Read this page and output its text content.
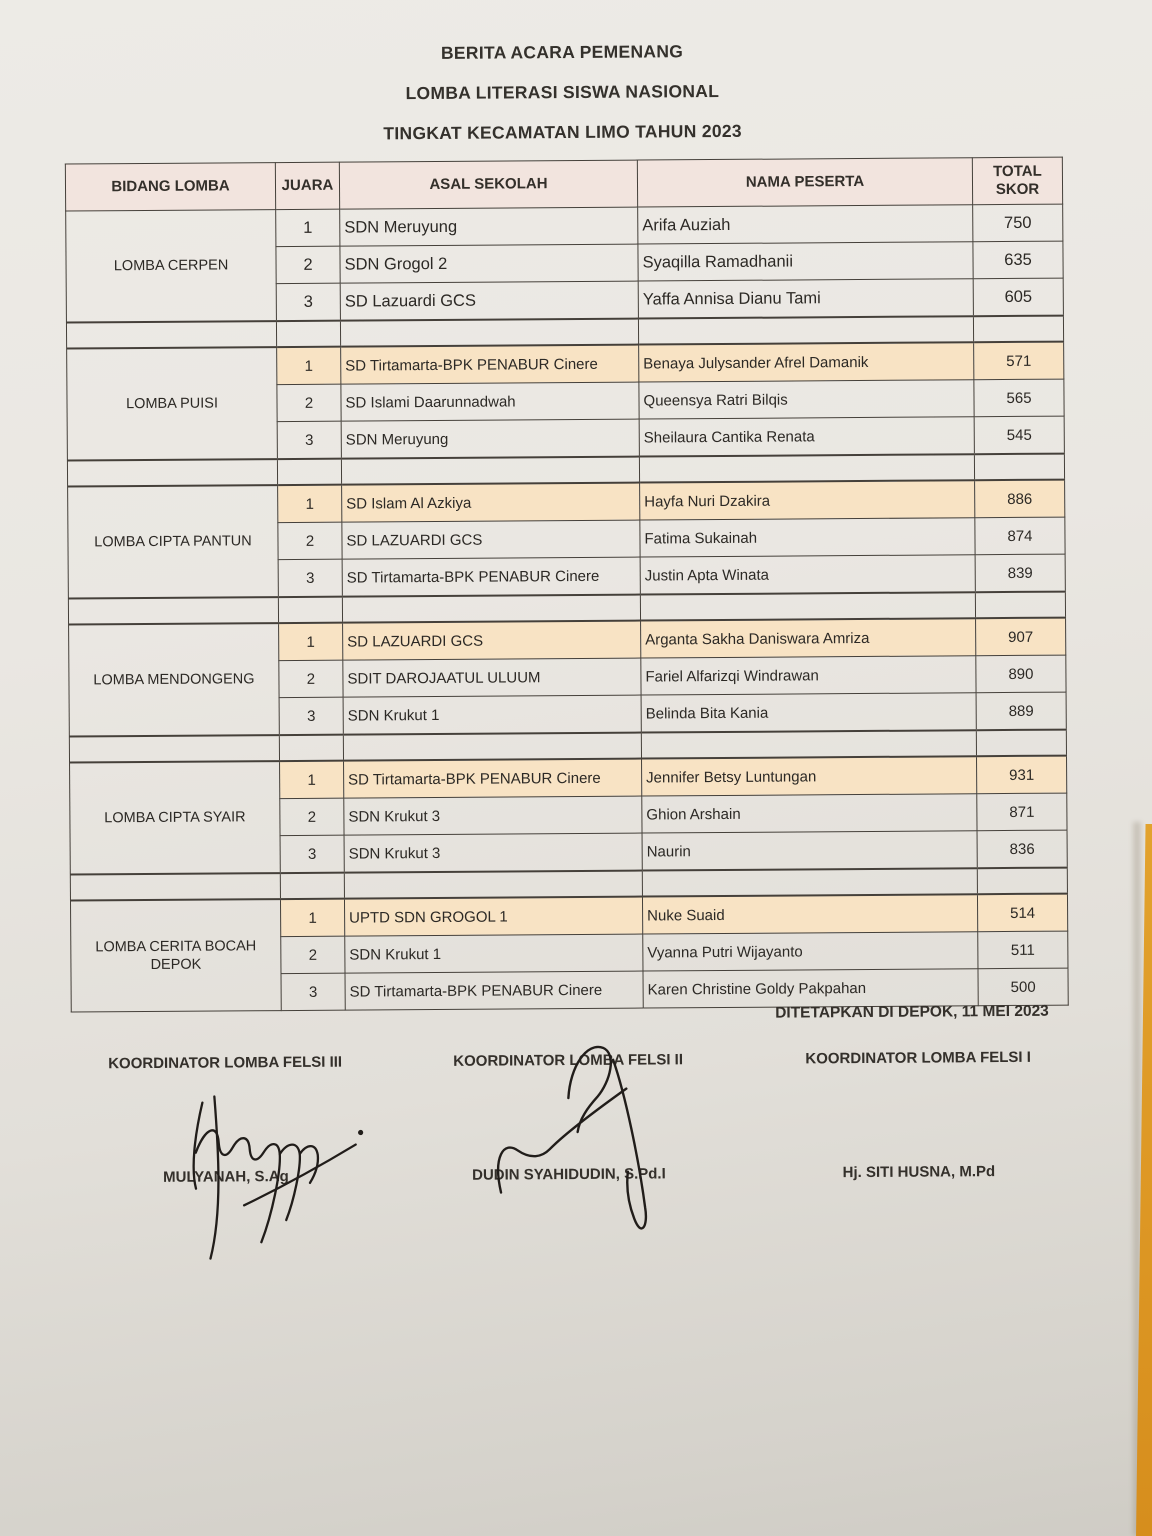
BERITA ACARA PEMENANG
LOMBA LITERASI SISWA NASIONAL
TINGKAT KECAMATAN LIMO TAHUN 2023
BIDANG LOMBA	JUARA	ASAL SEKOLAH	NAMA PESERTA	TOTAL SKOR
LOMBA CERPEN	1	SDN Meruyung	Arifa Auziah	750
	2	SDN Grogol 2	Syaqilla Ramadhanii	635
	3	SD Lazuardi GCS	Yaffa Annisa Dianu Tami	605

LOMBA PUISI	1	SD Tirtamarta-BPK PENABUR Cinere	Benaya Julysander Afrel Damanik	571
	2	SD Islami Daarunnadwah	Queensya Ratri Bilqis	565
	3	SDN Meruyung	Sheilaura Cantika Renata	545

LOMBA CIPTA PANTUN	1	SD Islam Al Azkiya	Hayfa Nuri Dzakira	886
	2	SD LAZUARDI GCS	Fatima Sukainah	874
	3	SD Tirtamarta-BPK PENABUR Cinere	Justin Apta Winata	839

LOMBA MENDONGENG	1	SD LAZUARDI GCS	Arganta Sakha Daniswara Amriza	907
	2	SDIT DAROJAATUL ULUUM	Fariel Alfarizqi Windrawan	890
	3	SDN Krukut 1	Belinda Bita Kania	889

LOMBA CIPTA SYAIR	1	SD Tirtamarta-BPK PENABUR Cinere	Jennifer Betsy Luntungan	931
	2	SDN Krukut 3	Ghion Arshain	871
	3	SDN Krukut 3	Naurin	836

LOMBA CERITA BOCAH DEPOK	1	UPTD SDN GROGOL 1	Nuke Suaid	514
	2	SDN Krukut 1	Vyanna Putri Wijayanto	511
	3	SD Tirtamarta-BPK PENABUR Cinere	Karen Christine Goldy Pakpahan	500
DITETAPKAN DI DEPOK, 11 MEI 2023
KOORDINATOR LOMBA FELSI III
MULYANAH, S.Ag
KOORDINATOR LOMBA FELSI II
DUDIN SYAHIDUDIN, S.Pd.I
KOORDINATOR LOMBA FELSI I
Hj. SITI HUSNA, M.Pd
